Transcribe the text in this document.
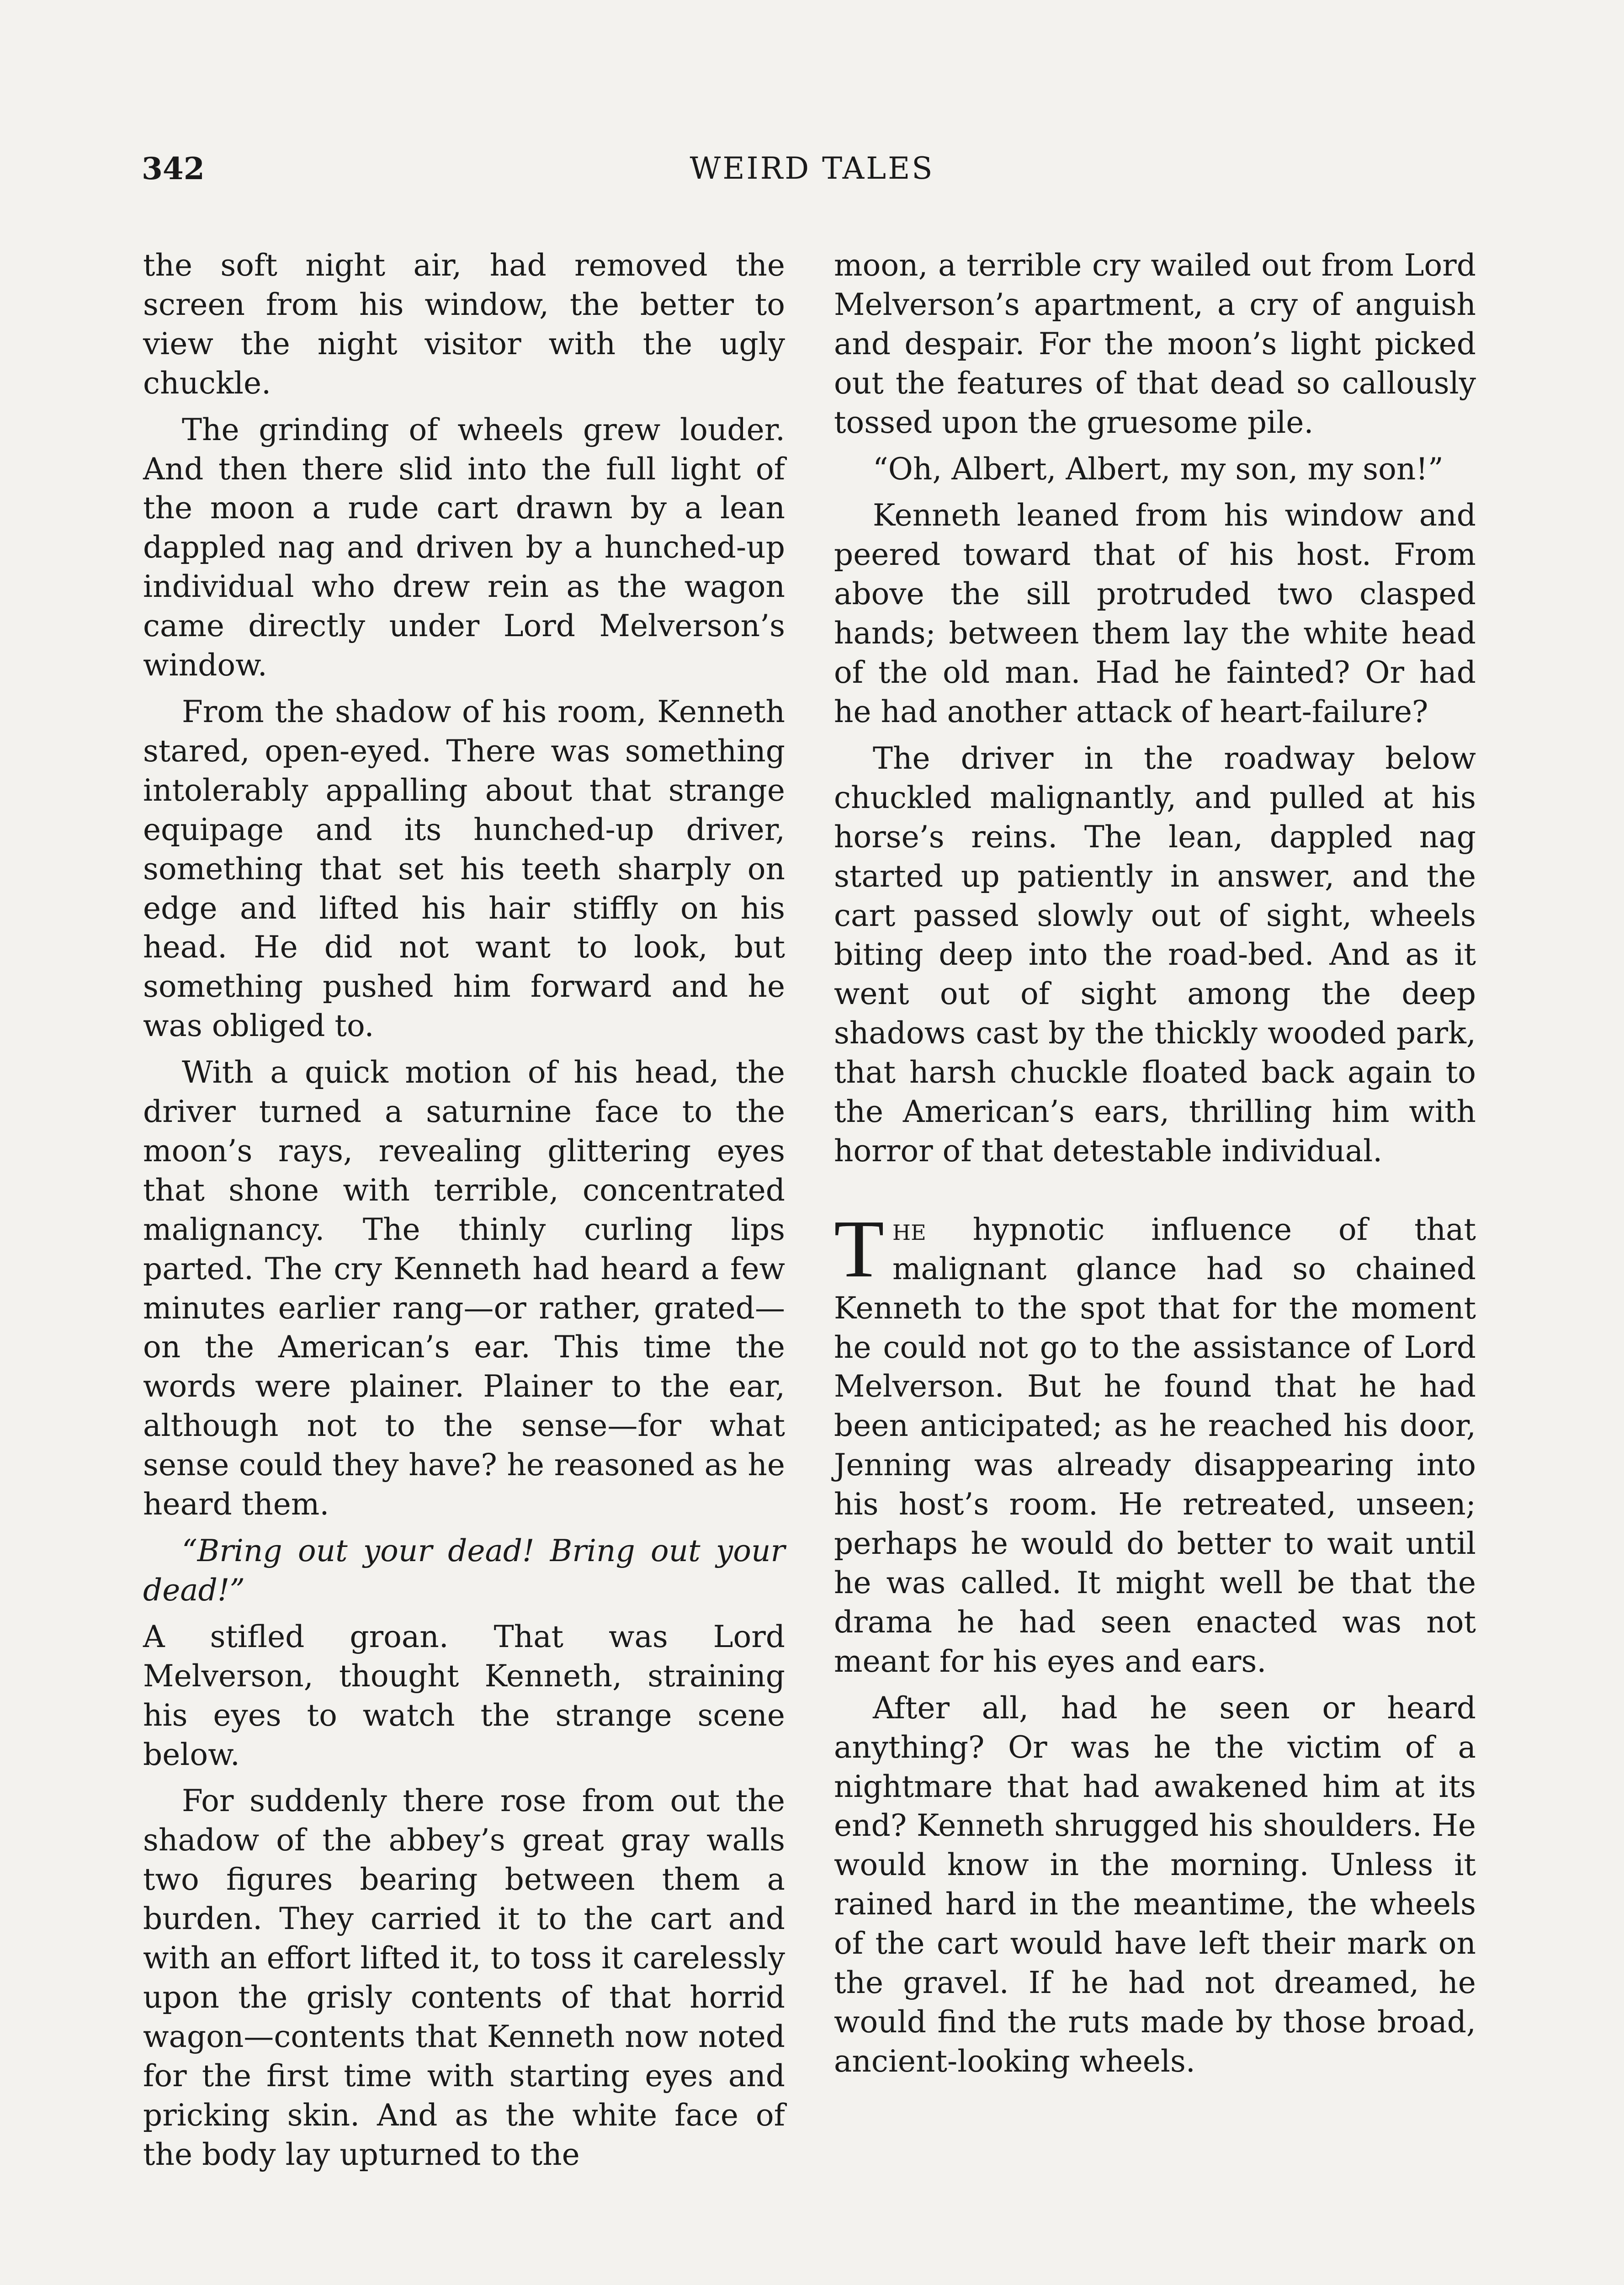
342	WEIRD TALES

the soft night air, had removed the screen from his window, the better to view the night visitor with the ugly chuckle.

The grinding of wheels grew louder. And then there slid into the full light of the moon a rude cart drawn by a lean dappled nag and driven by a hunched-up individual who drew rein as the wagon came directly under Lord Melverson’s window.

From the shadow of his room, Kenneth stared, open-eyed. There was something intolerably appalling about that strange equipage and its hunched-up driver, something that set his teeth sharply on edge and lifted his hair stiffly on his head. He did not want to look, but something pushed him forward and he was obliged to.

With a quick motion of his head, the driver turned a saturnine face to the moon’s rays, revealing glittering eyes that shone with terrible, concentrated malignancy. The thinly curling lips parted. The cry Kenneth had heard a few minutes earlier rang—or rather, grated—on the American’s ear. This time the words were plainer. Plainer to the ear, although not to the sense—for what sense could they have? he reasoned as he heard them.

“Bring out your dead! Bring out your dead!”

A stifled groan. That was Lord Melverson, thought Kenneth, straining his eyes to watch the strange scene below.

For suddenly there rose from out the shadow of the abbey’s great gray walls two figures bearing between them a burden. They carried it to the cart and with an effort lifted it, to toss it carelessly upon the grisly contents of that horrid wagon—contents that Kenneth now noted for the first time with starting eyes and pricking skin. And as the white face of the body lay upturned to the

moon, a terrible cry wailed out from Lord Melverson’s apartment, a cry of anguish and despair. For the moon’s light picked out the features of that dead so callously tossed upon the gruesome pile.

“Oh, Albert, Albert, my son, my son!”

Kenneth leaned from his window and peered toward that of his host. From above the sill protruded two clasped hands; between them lay the white head of the old man. Had he fainted? Or had he had another attack of heart-failure?

The driver in the roadway below chuckled malignantly, and pulled at his horse’s reins. The lean, dappled nag started up patiently in answer, and the cart passed slowly out of sight, wheels biting deep into the road-bed. And as it went out of sight among the deep shadows cast by the thickly wooded park, that harsh chuckle floated back again to the American’s ears, thrilling him with horror of that detestable individual.

The hypnotic influence of that malignant glance had so chained Kenneth to the spot that for the moment he could not go to the assistance of Lord Melverson. But he found that he had been anticipated; as he reached his door, Jenning was already disappearing into his host’s room. He retreated, unseen; perhaps he would do better to wait until he was called. It might well be that the drama he had seen enacted was not meant for his eyes and ears.

After all, had he seen or heard anything? Or was he the victim of a nightmare that had awakened him at its end? Kenneth shrugged his shoulders. He would know in the morning. Unless it rained hard in the meantime, the wheels of the cart would have left their mark on the gravel. If he had not dreamed, he would find the ruts made by those broad, ancient-looking wheels.
